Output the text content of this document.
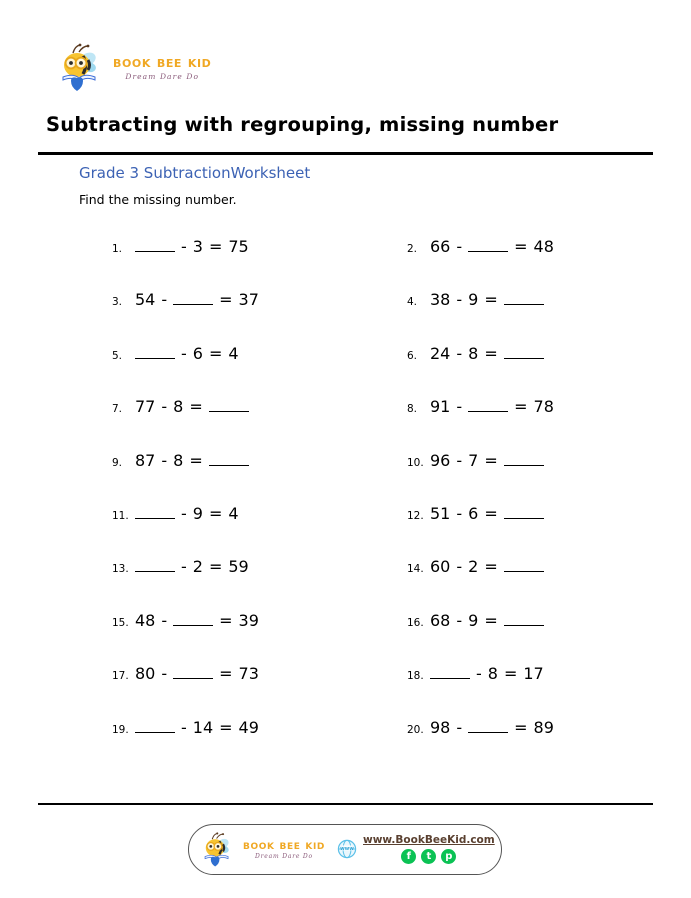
book bee kid
Dream Dare Do
Subtracting with regrouping, missing number
Grade 3 SubtractionWorksheet
Find the missing number.
1.	- 3 = 75	2. 66 -	= 48
3. 54 -	= 37	4. 38 - 9 =
5.	- 6 = 4	6. 24 - 8 =
7. 77 - 8 =	8. 91 -	= 78
9. 87 - 8 =	10. 96 - 7 =
11.	- 9 = 4	12. 51 - 6 =
13.	- 2 = 59	14. 60 - 2 =
15. 48 -	= 39	16. 68 - 9 =
17. 80 -	= 73	18.	- 8 = 17
19.	- 14 = 49	20. 98 -	= 89
book bee kid
Dream Dare Do
www
www.BookBeeKid.com
f	t	p
